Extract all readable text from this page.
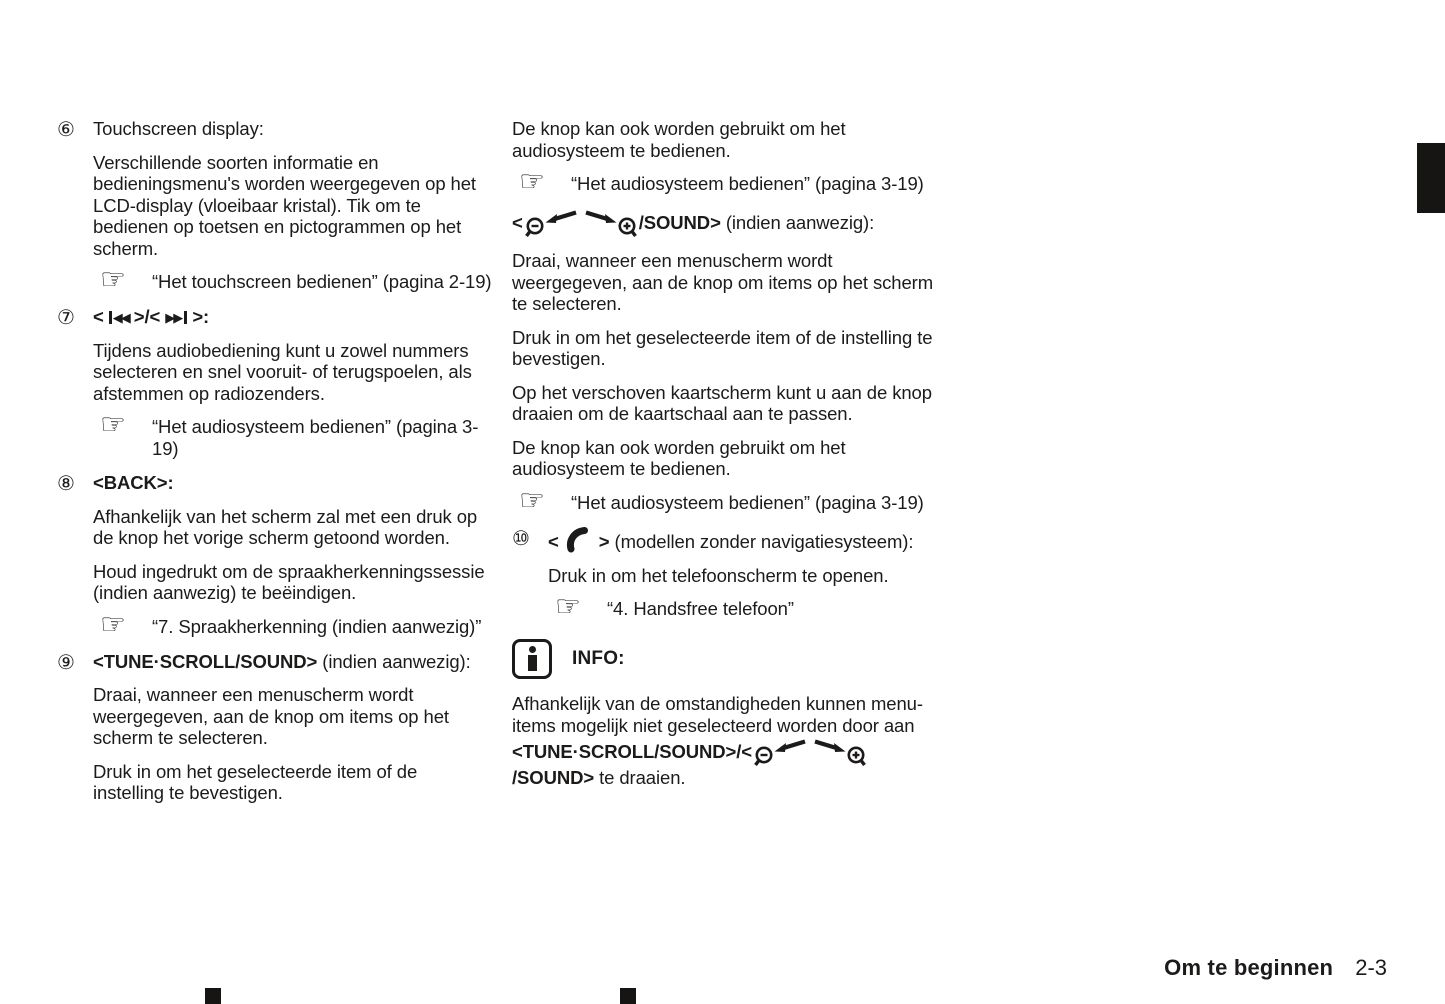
⑥ Touchscreen display:

Verschillende soorten informatie en bedieningsmenu's worden weergegeven op het LCD-display (vloeibaar kristal). Tik om te bedienen op toetsen en pictogrammen op het scherm.

☞	“Het touchscreen bedienen” (pagina 2-19)
⑦ < ◀◀ >/< ▶▶ >:

Tijdens audiobediening kunt u zowel nummers selecteren en snel vooruit- of terugspoelen, als afstemmen op radiozenders.

☞	“Het audiosysteem bedienen” (pagina 3-19)
⑧ <BACK>:

Afhankelijk van het scherm zal met een druk op de knop het vorige scherm getoond worden.

Houd ingedrukt om de spraakherkenningssessie (indien aanwezig) te beëindigen.

☞	“7. Spraakherkenning (indien aanwezig)”
⑨ <TUNE·SCROLL/SOUND> (indien aanwezig):

Draai, wanneer een menuscherm wordt weergegeven, aan de knop om items op het scherm te selecteren.

Druk in om het geselecteerde item of de instelling te bevestigen.

De knop kan ook worden gebruikt om het audiosysteem te bedienen.

☞	“Het audiosysteem bedienen” (pagina 3-19)

<	/SOUND> (indien aanwezig):

Draai, wanneer een menuscherm wordt weergegeven, aan de knop om items op het scherm te selecteren.

Druk in om het geselecteerde item of de instelling te bevestigen.

Op het verschoven kaartscherm kunt u aan de knop draaien om de kaartschaal aan te passen.

De knop kan ook worden gebruikt om het audiosysteem te bedienen.

☞	“Het audiosysteem bedienen” (pagina 3-19)
⑩ <  > (modellen zonder navigatiesysteem):

Druk in om het telefoonscherm te openen.

☞	“4. Handsfree telefoon”
INFO:

Afhankelijk van de omstandigheden kunnen menu-items mogelijk niet geselecteerd worden door aan <TUNE·SCROLL/SOUND>/</SOUND> te draaien.

Om te beginnen 2-3
